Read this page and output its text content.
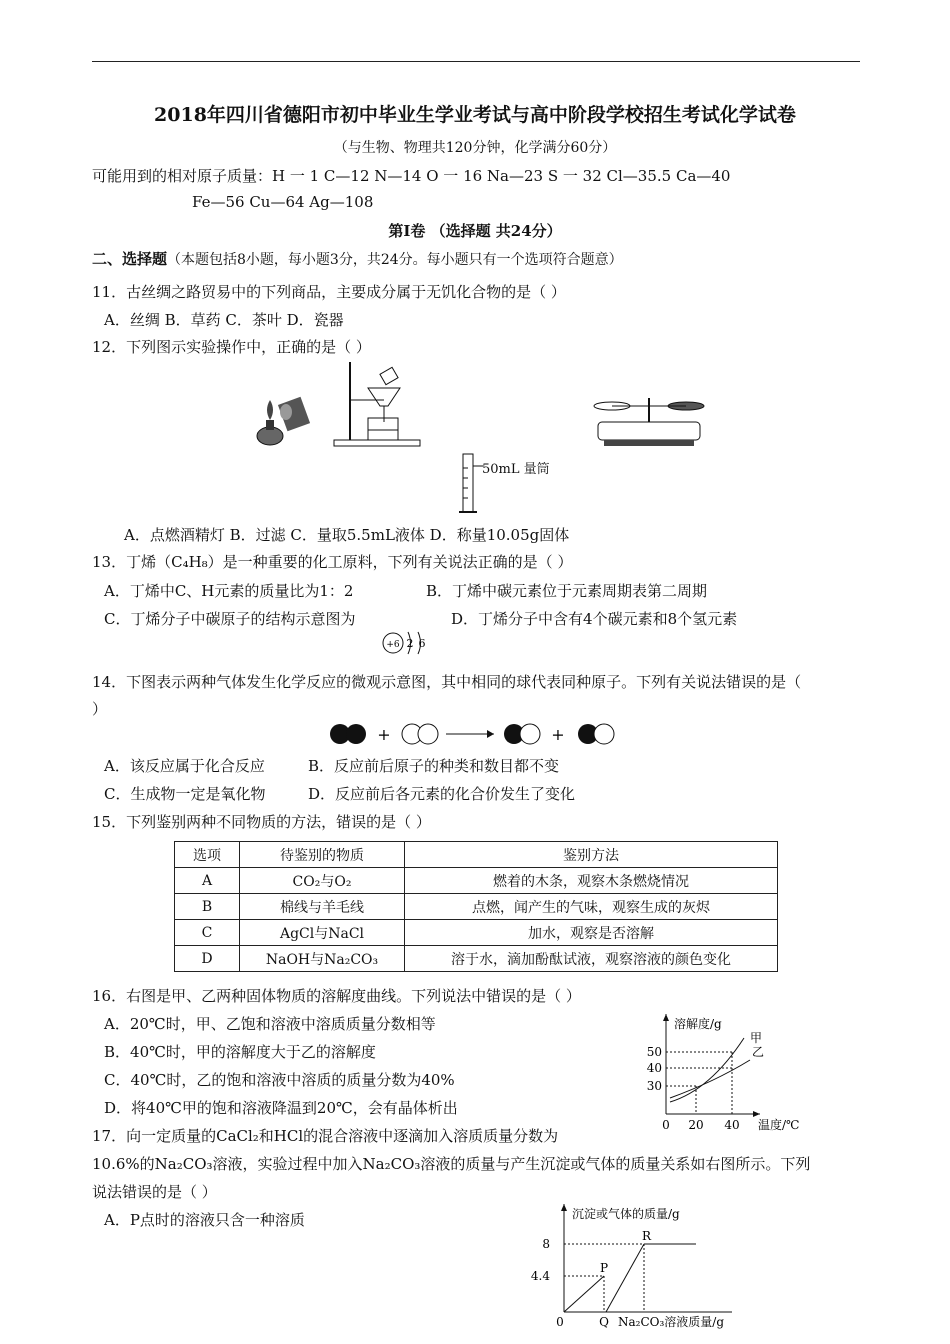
2018年四川省德阳市初中毕业生学业考试与高中阶段学校招生考试化学试卷
（与生物、物理共120分钟，化学满分60分）
可能用到的相对原子质量：H 一 1 C—12 N—14 O 一 16 Na—23 S 一 32 Cl—35.5 Ca—40
Fe—56 Cu—64 Ag—108
第Ⅰ卷 （选择题 共24分）
二、选择题（本题包括8小题，每小题3分，共24分。每小题只有一个选项符合题意）
11．古丝绸之路贸易中的下列商品，主要成分属于无饥化合物的是（ ）
A．丝绸 B．草药 C．茶叶 D．瓷器
12．下列图示实验操作中，正确的是（ ）
50mL 量筒
A．点燃酒精灯 B．过滤 C．量取5.5mL液体 D．称量10.05g固体
13．丁烯（C₄H₈）是一种重要的化工原料，下列有关说法正确的是（ ）
A．丁烯中C、H元素的质量比为1：2	B．丁烯中碳元素位于元素周期表第二周期
C．丁烯分子中碳原子的结构示意图为	D．丁烯分子中含有4个碳元素和8个氢元素
+6 2 6
14．下图表示两种气体发生化学反应的微观示意图，其中相同的球代表同种原子。下列有关说法错误的是（
）
+	+
A．该反应属于化合反应	B．反应前后原子的种类和数目都不变
C．生成物一定是氧化物	D．反应前后各元素的化合价发生了变化
15．下列鉴别两种不同物质的方法，错误的是（ ）
选项	待鉴别的物质	鉴别方法
A	CO₂与O₂	燃着的木条，观察木条燃烧情况
B	棉线与羊毛线	点燃，闻产生的气味，观察生成的灰烬
C	AgCl与NaCl	加水，观察是否溶解
D	NaOH与Na₂CO₃	溶于水，滴加酚酞试液，观察溶液的颜色变化
16．右图是甲、乙两种固体物质的溶解度曲线。下列说法中错误的是（ ）
A．20℃时，甲、乙饱和溶液中溶质质量分数相等
B．40℃时，甲的溶解度大于乙的溶解度
C．40℃时，乙的饱和溶液中溶质的质量分数为40%
D．将40℃甲的饱和溶液降温到20℃，会有晶体析出
溶解度/g
50
40
30
0 20 40 温度/℃
甲
乙
17．向一定质量的CaCl₂和HCl的混合溶液中逐滴加入溶质质量分数为
10.6%的Na₂CO₃溶液，实验过程中加入Na₂CO₃溶液的质量与产生沉淀或气体的质量关系如右图所示。下列
说法错误的是（ ）
A．P点时的溶液只含一种溶质	沉淀或气体的质量/g
8
4.4
0	Q Na₂CO₃溶液质量/g
P
R
